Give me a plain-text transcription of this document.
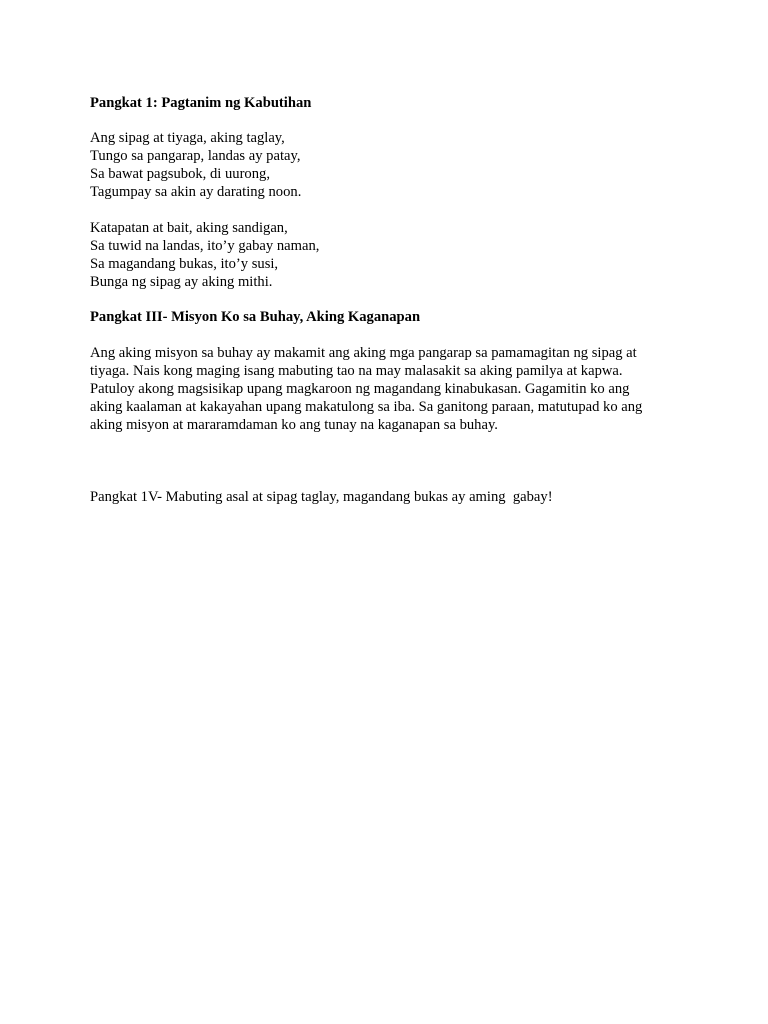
Pangkat 1: Pagtanim ng Kabutihan

Ang sipag at tiyaga, aking taglay,
Tungo sa pangarap, landas ay patay,
Sa bawat pagsubok, di uurong,
Tagumpay sa akin ay darating noon.
Katapatan at bait, aking sandigan,
Sa tuwid na landas, ito’y gabay naman,
Sa magandang bukas, ito’y susi,
Bunga ng sipag ay aking mithi.

Pangkat III- Misyon Ko sa Buhay, Aking Kaganapan

Ang aking misyon sa buhay ay makamit ang aking mga pangarap sa pamamagitan ng sipag at
tiyaga. Nais kong maging isang mabuting tao na may malasakit sa aking pamilya at kapwa.
Patuloy akong magsisikap upang magkaroon ng magandang kinabukasan. Gagamitin ko ang
aking kaalaman at kakayahan upang makatulong sa iba. Sa ganitong paraan, matutupad ko ang
aking misyon at mararamdaman ko ang tunay na kaganapan sa buhay.

Pangkat 1V- Mabuting asal at sipag taglay, magandang bukas ay aming  gabay!
